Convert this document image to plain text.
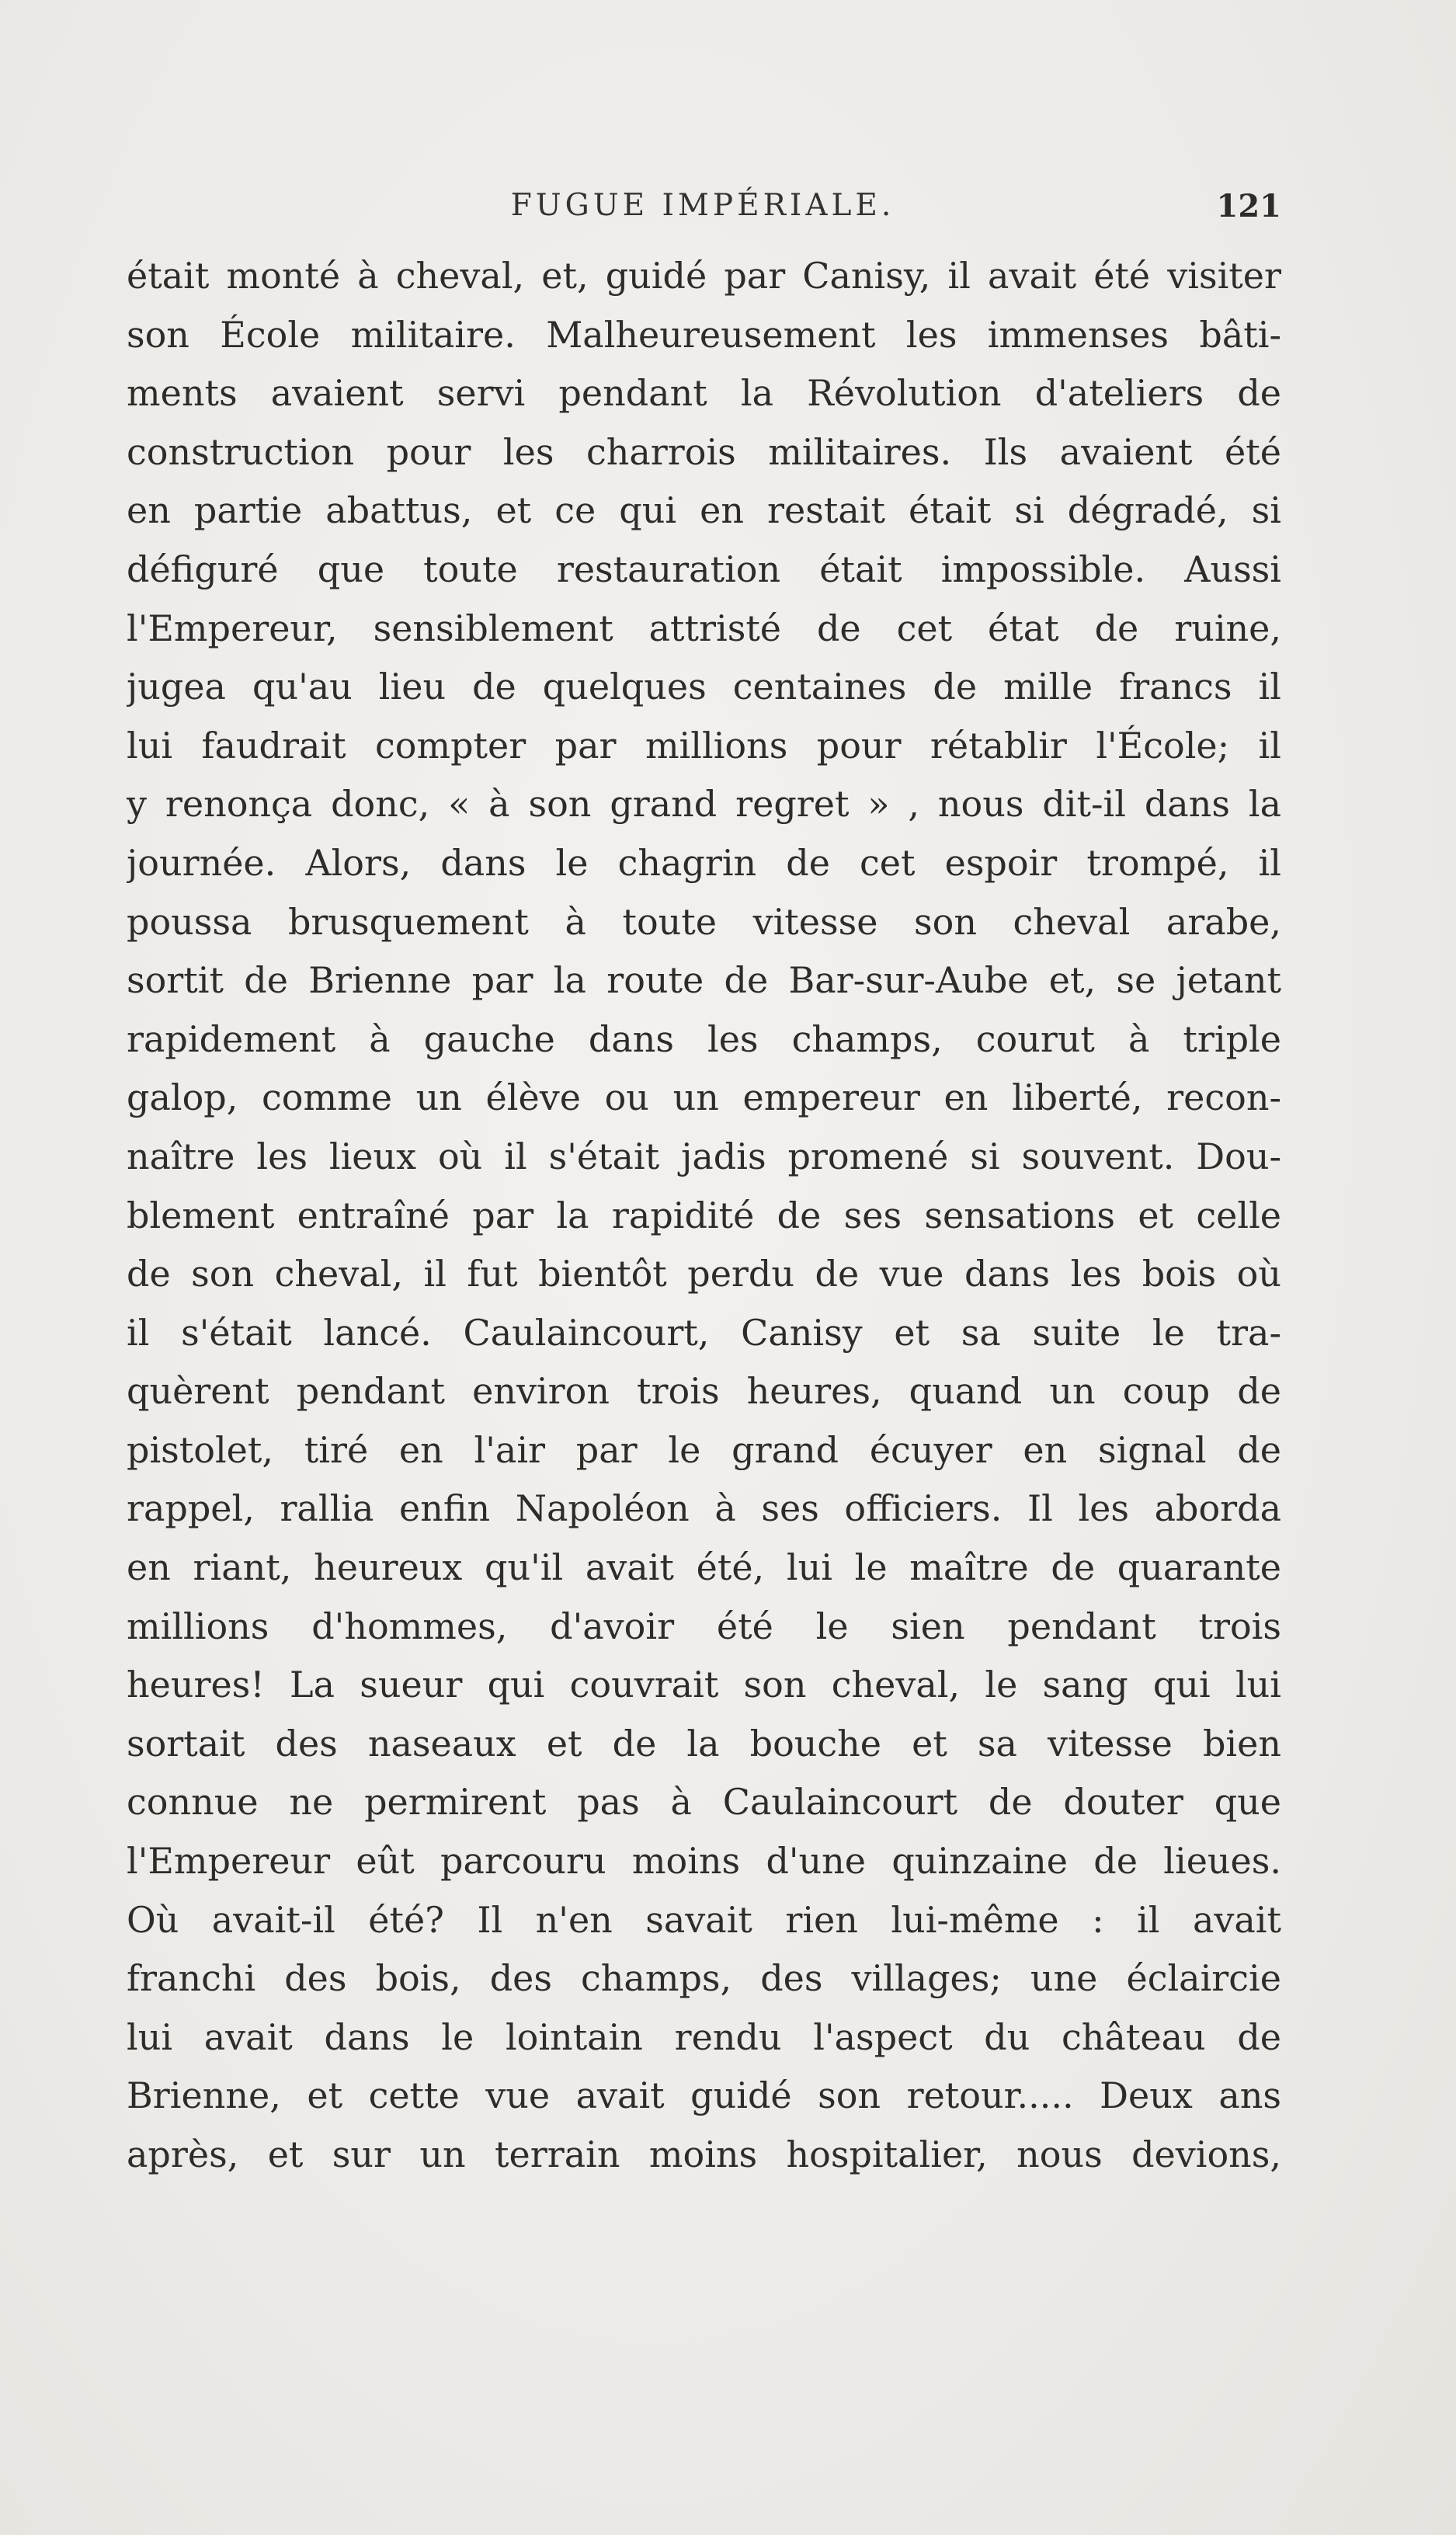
FUGUE IMPÉRIALE.	121
était monté à cheval, et, guidé par Canisy, il avait été visiter
son École militaire. Malheureusement les immenses bâti-
ments avaient servi pendant la Révolution d'ateliers de
construction pour les charrois militaires. Ils avaient été
en partie abattus, et ce qui en restait était si dégradé, si
défiguré que toute restauration était impossible. Aussi
l'Empereur, sensiblement attristé de cet état de ruine,
jugea qu'au lieu de quelques centaines de mille francs il
lui faudrait compter par millions pour rétablir l'École; il
y renonça donc, « à son grand regret » , nous dit-il dans la
journée. Alors, dans le chagrin de cet espoir trompé, il
poussa brusquement à toute vitesse son cheval arabe,
sortit de Brienne par la route de Bar-sur-Aube et, se jetant
rapidement à gauche dans les champs, courut à triple
galop, comme un élève ou un empereur en liberté, recon-
naître les lieux où il s'était jadis promené si souvent. Dou-
blement entraîné par la rapidité de ses sensations et celle
de son cheval, il fut bientôt perdu de vue dans les bois où
il s'était lancé. Caulaincourt, Canisy et sa suite le tra-
quèrent pendant environ trois heures, quand un coup de
pistolet, tiré en l'air par le grand écuyer en signal de
rappel, rallia enfin Napoléon à ses officiers. Il les aborda
en riant, heureux qu'il avait été, lui le maître de quarante
millions d'hommes, d'avoir été le sien pendant trois
heures! La sueur qui couvrait son cheval, le sang qui lui
sortait des naseaux et de la bouche et sa vitesse bien
connue ne permirent pas à Caulaincourt de douter que
l'Empereur eût parcouru moins d'une quinzaine de lieues.
Où avait-il été? Il n'en savait rien lui-même : il avait
franchi des bois, des champs, des villages; une éclaircie
lui avait dans le lointain rendu l'aspect du château de
Brienne, et cette vue avait guidé son retour..... Deux ans
après, et sur un terrain moins hospitalier, nous devions,
